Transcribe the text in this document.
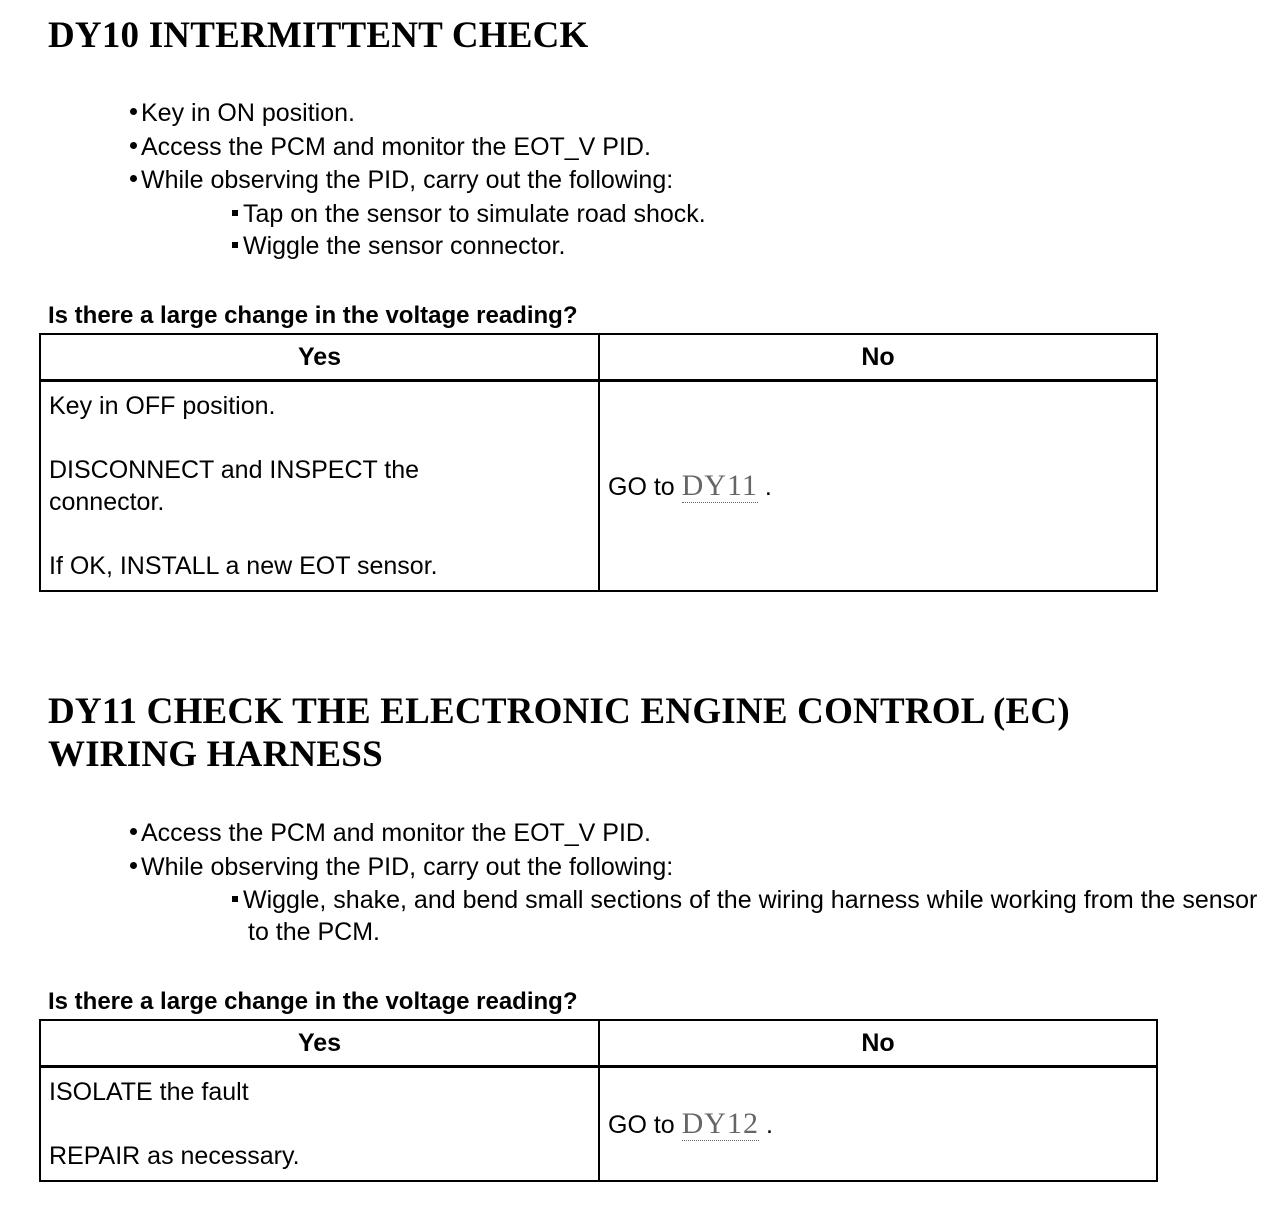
DY10 INTERMITTENT CHECK
Key in ON position.
Access the PCM and monitor the EOT_V PID.
While observing the PID, carry out the following:
Tap on the sensor to simulate road shock.
Wiggle the sensor connector.

Is there a large change in the voltage reading?

Yes	No

Key in OFF position.

DISCONNECT and INSPECT the connector.

If OK, INSTALL a new EOT sensor.	GO to DY11 .
DY11 CHECK THE ELECTRONIC ENGINE CONTROL (EC) WIRING HARNESS
Access the PCM and monitor the EOT_V PID.
While observing the PID, carry out the following:
Wiggle, shake, and bend small sections of the wiring harness while working from the sensor to the PCM.

Is there a large change in the voltage reading?

Yes	No

ISOLATE the fault

REPAIR as necessary.	GO to DY12 .
